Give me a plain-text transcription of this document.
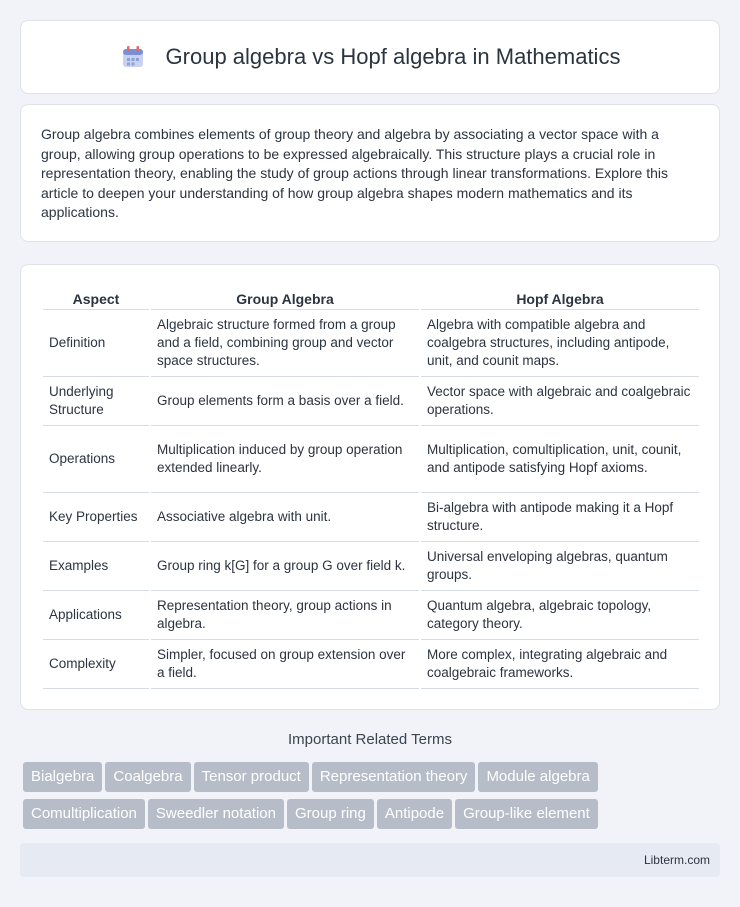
Group algebra vs Hopf algebra in Mathematics

Group algebra combines elements of group theory and algebra by associating a vector space with a group, allowing group operations to be expressed algebraically. This structure plays a crucial role in representation theory, enabling the study of group actions through linear transformations. Explore this article to deepen your understanding of how group algebra shapes modern mathematics and its applications.

Aspect	Group Algebra	Hopf Algebra
Definition	Algebraic structure formed from a group and a field, combining group and vector space structures.	Algebra with compatible algebra and coalgebra structures, including antipode, unit, and counit maps.
Underlying Structure	Group elements form a basis over a field.	Vector space with algebraic and coalgebraic operations.
Operations	Multiplication induced by group operation extended linearly.	Multiplication, comultiplication, unit, counit, and antipode satisfying Hopf axioms.
Key Properties	Associative algebra with unit.	Bi-algebra with antipode making it a Hopf structure.
Examples	Group ring k[G] for a group G over field k.	Universal enveloping algebras, quantum groups.
Applications	Representation theory, group actions in algebra.	Quantum algebra, algebraic topology, category theory.
Complexity	Simpler, focused on group extension over a field.	More complex, integrating algebraic and coalgebraic frameworks.
Important Related Terms
Bialgebra Coalgebra Tensor product Representation theory Module algebra
Comultiplication Sweedler notation Group ring Antipode Group-like element
Libterm.com
